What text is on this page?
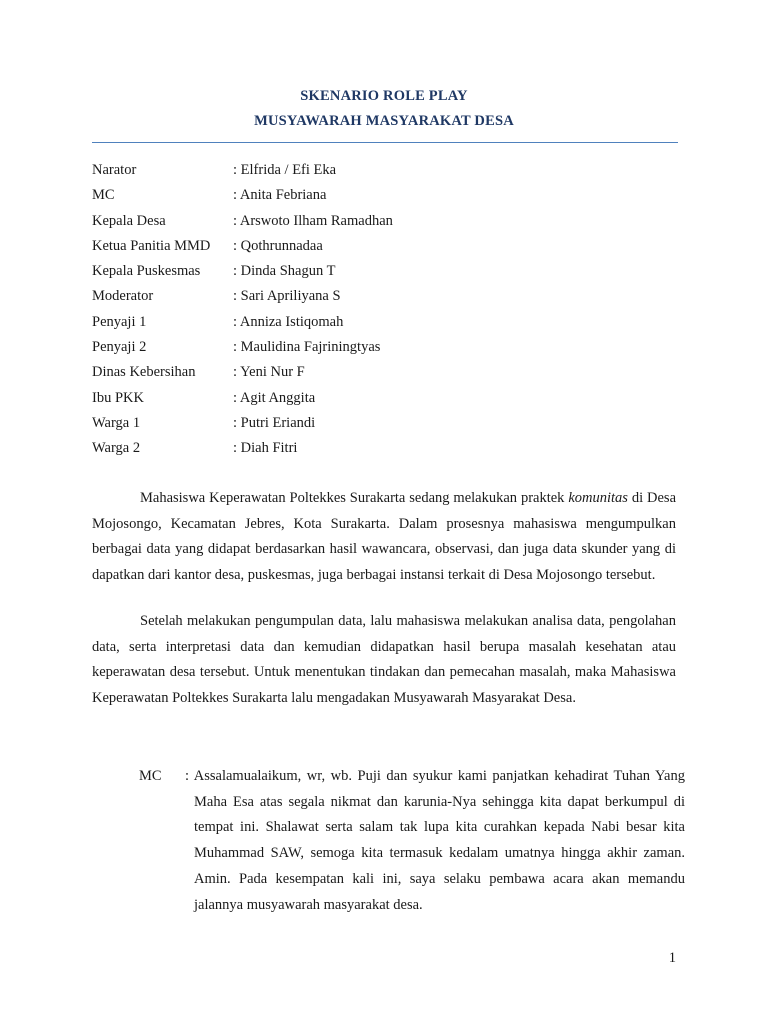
SKENARIO ROLE PLAY
MUSYAWARAH MASYARAKAT DESA
Narator	: Elfrida / Efi Eka
MC	: Anita Febriana
Kepala Desa	: Arswoto Ilham Ramadhan
Ketua Panitia MMD : Qothrunnadaa
Kepala Puskesmas : Dinda Shagun T
Moderator	: Sari Apriliyana S
Penyaji 1	: Anniza Istiqomah
Penyaji 2	: Maulidina Fajriningtyas
Dinas Kebersihan	: Yeni Nur F
Ibu PKK	: Agit Anggita
Warga 1	: Putri Eriandi
Warga 2	: Diah Fitri

Mahasiswa Keperawatan Poltekkes Surakarta sedang melakukan praktek komunitas di Desa Mojosongo, Kecamatan Jebres, Kota Surakarta. Dalam prosesnya mahasiswa mengumpulkan berbagai data yang didapat berdasarkan hasil wawancara, observasi, dan juga data skunder yang di dapatkan dari kantor desa, puskesmas, juga berbagai instansi terkait di Desa Mojosongo tersebut.

Setelah melakukan pengumpulan data, lalu mahasiswa melakukan analisa data, pengolahan data, serta interpretasi data dan kemudian didapatkan hasil berupa masalah kesehatan atau keperawatan desa tersebut. Untuk menentukan tindakan dan pemecahan masalah, maka Mahasiswa Keperawatan Poltekkes Surakarta lalu mengadakan Musyawarah Masyarakat Desa.

MC : Assalamualaikum, wr, wb. Puji dan syukur kami panjatkan kehadirat Tuhan Yang Maha Esa atas segala nikmat dan karunia-Nya sehingga kita dapat berkumpul di tempat ini. Shalawat serta salam tak lupa kita curahkan kepada Nabi besar kita Muhammad SAW, semoga kita termasuk kedalam umatnya hingga akhir zaman. Amin. Pada kesempatan kali ini, saya selaku pembawa acara akan memandu jalannya musyawarah masyarakat desa.

1
